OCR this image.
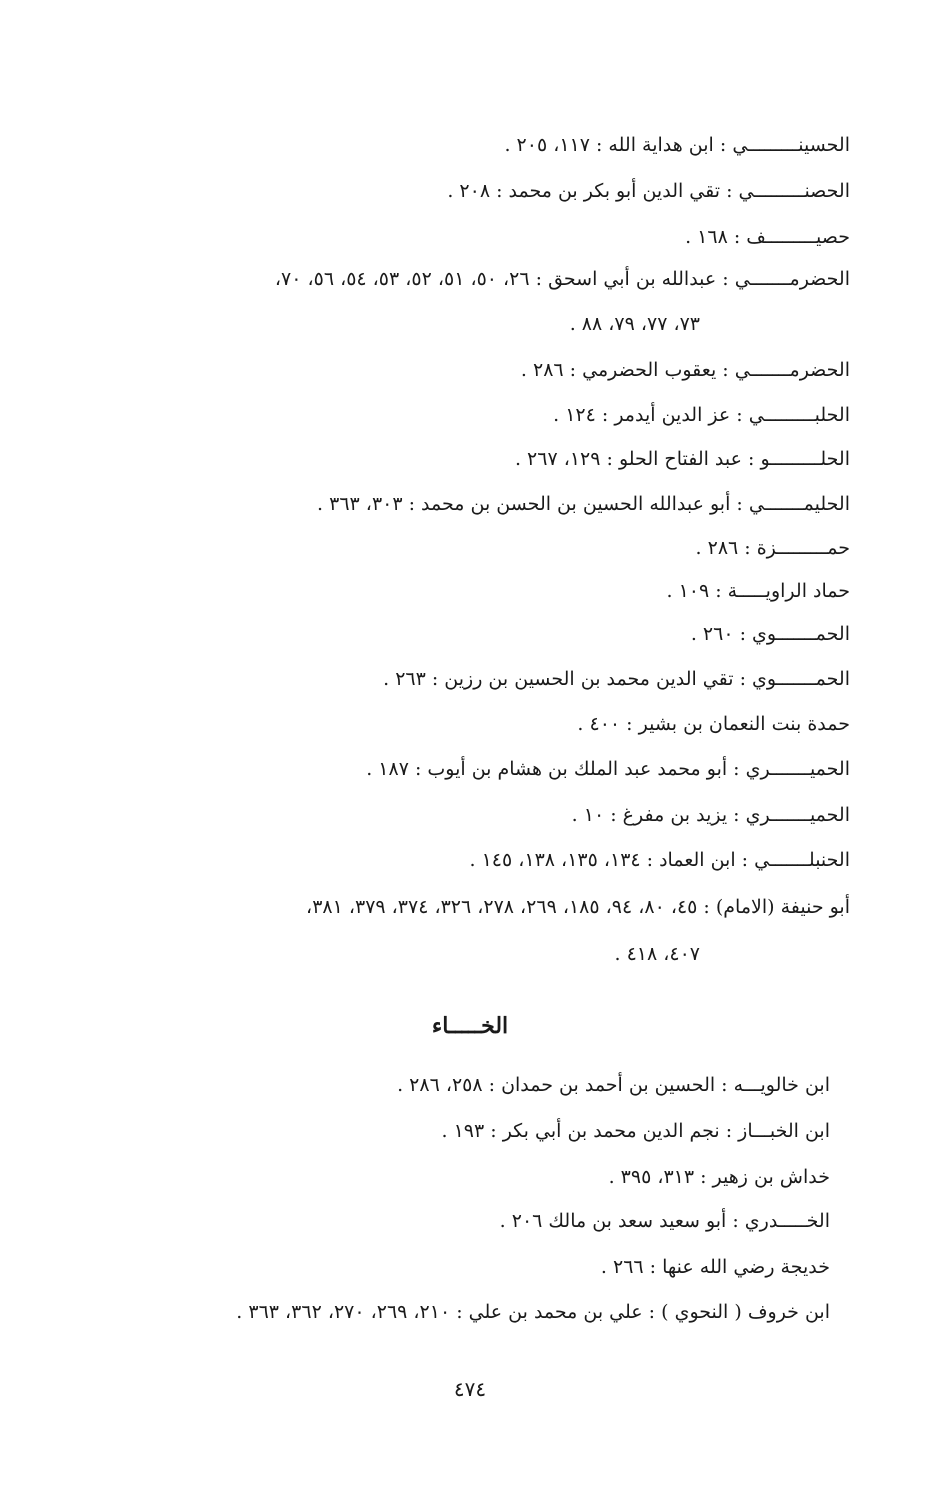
الحسينـــــــــي : ابن هداية الله : ١١٧، ٢٠٥ .
الحصنـــــــــي : تقي الدين أبو بكر بن محمد : ٢٠٨ .
حصيـــــــــف : ١٦٨ .
الحضرمـــــــي : عبدالله بن أبي اسحق : ٢٦، ٥٠، ٥١، ٥٢، ٥٣، ٥٤، ٥٦، ٧٠،
٧٣، ٧٧، ٧٩، ٨٨ .
الحضرمـــــــي : يعقوب الحضرمي : ٢٨٦ .
الحلبـــــــــي : عز الدين أيدمر : ١٢٤ .
الحلـــــــــو : عبد الفتاح الحلو : ١٢٩، ٢٦٧ .
الحليمـــــــي : أبو عبدالله الحسين بن الحسن بن محمد : ٣٠٣، ٣٦٣ .
حمـــــــــزة : ٢٨٦ .
حماد الراويـــــة : ١٠٩ .
الحمـــــــوي : ٢٦٠ .
الحمـــــــوي : تقي الدين محمد بن الحسين بن رزين : ٢٦٣ .
حمدة بنت النعمان بن بشير : ٤٠٠ .
الحميـــــــري : أبو محمد عبد الملك بن هشام بن أيوب : ١٨٧ .
الحميـــــــري : يزيد بن مفرغ : ١٠ .
الحنبلـــــــي : ابن العماد : ١٣٤، ١٣٥، ١٣٨، ١٤٥ .
أبو حنيفة (الامام) : ٤٥، ٨٠، ٩٤، ١٨٥، ٢٦٩، ٢٧٨، ٣٢٦، ٣٧٤، ٣٧٩، ٣٨١،
٤٠٧، ٤١٨ .
الخـــــاء
ابن خالويـــه : الحسين بن أحمد بن حمدان : ٢٥٨، ٢٨٦ .
ابن الخبـــاز : نجم الدين محمد بن أبي بكر : ١٩٣ .
خداش بن زهير : ٣١٣، ٣٩٥ .
الخـــــدري : أبو سعيد سعد بن مالك ٢٠٦ .
خديجة رضي الله عنها : ٢٦٦ .
ابن خروف ( النحوي ) : علي بن محمد بن علي : ٢١٠، ٢٦٩، ٢٧٠، ٣٦٢، ٣٦٣ .
٤٧٤
